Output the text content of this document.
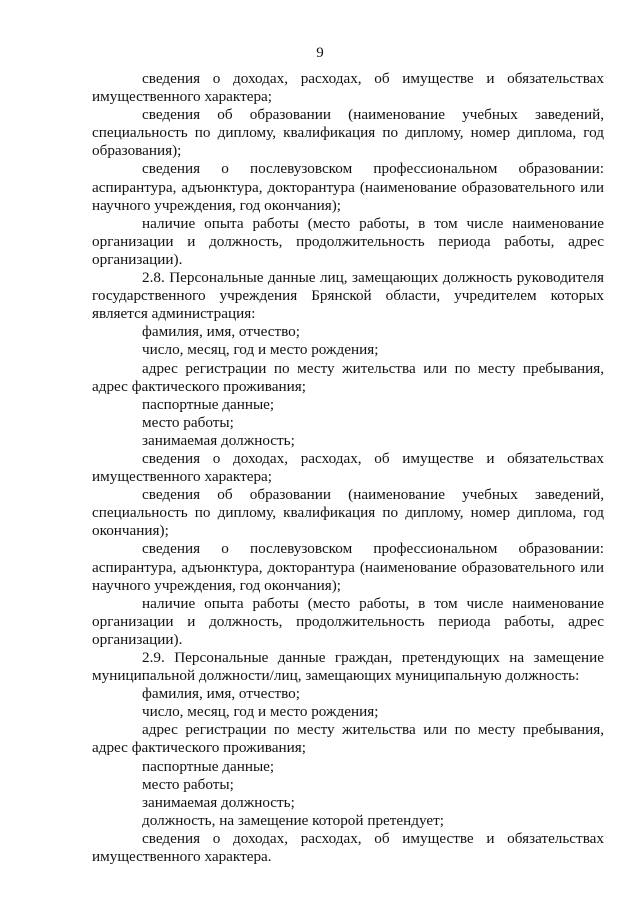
9

сведения о доходах, расходах, об имуществе и обязательствах имущественного характера;

сведения об образовании (наименование учебных заведений, специальность по диплому, квалификация по диплому, номер диплома, год образования);

сведения о послевузовском профессиональном образовании: аспирантура, адъюнктура, докторантура (наименование образовательного или научного учреждения, год окончания);

наличие опыта работы (место работы, в том числе наименование организации и должность, продолжительность периода работы, адрес организации).

2.8. Персональные данные лиц, замещающих должность руководителя государственного учреждения Брянской области, учредителем которых является администрация:

фамилия, имя, отчество;

число, месяц, год и место рождения;

адрес регистрации по месту жительства или по месту пребывания, адрес фактического проживания;

паспортные данные;

место работы;

занимаемая должность;

сведения о доходах, расходах, об имуществе и обязательствах имущественного характера;

сведения об образовании (наименование учебных заведений, специальность по диплому, квалификация по диплому, номер диплома, год окончания);

сведения о послевузовском профессиональном образовании: аспирантура, адъюнктура, докторантура (наименование образовательного или научного учреждения, год окончания);

наличие опыта работы (место работы, в том числе наименование организации и должность, продолжительность периода работы, адрес организации).

2.9. Персональные данные граждан, претендующих на замещение муниципальной должности/лиц, замещающих муниципальную должность:

фамилия, имя, отчество;

число, месяц, год и место рождения;

адрес регистрации по месту жительства или по месту пребывания, адрес фактического проживания;

паспортные данные;

место работы;

занимаемая должность;

должность, на замещение которой претендует;

сведения о доходах, расходах, об имуществе и обязательствах имущественного характера.
